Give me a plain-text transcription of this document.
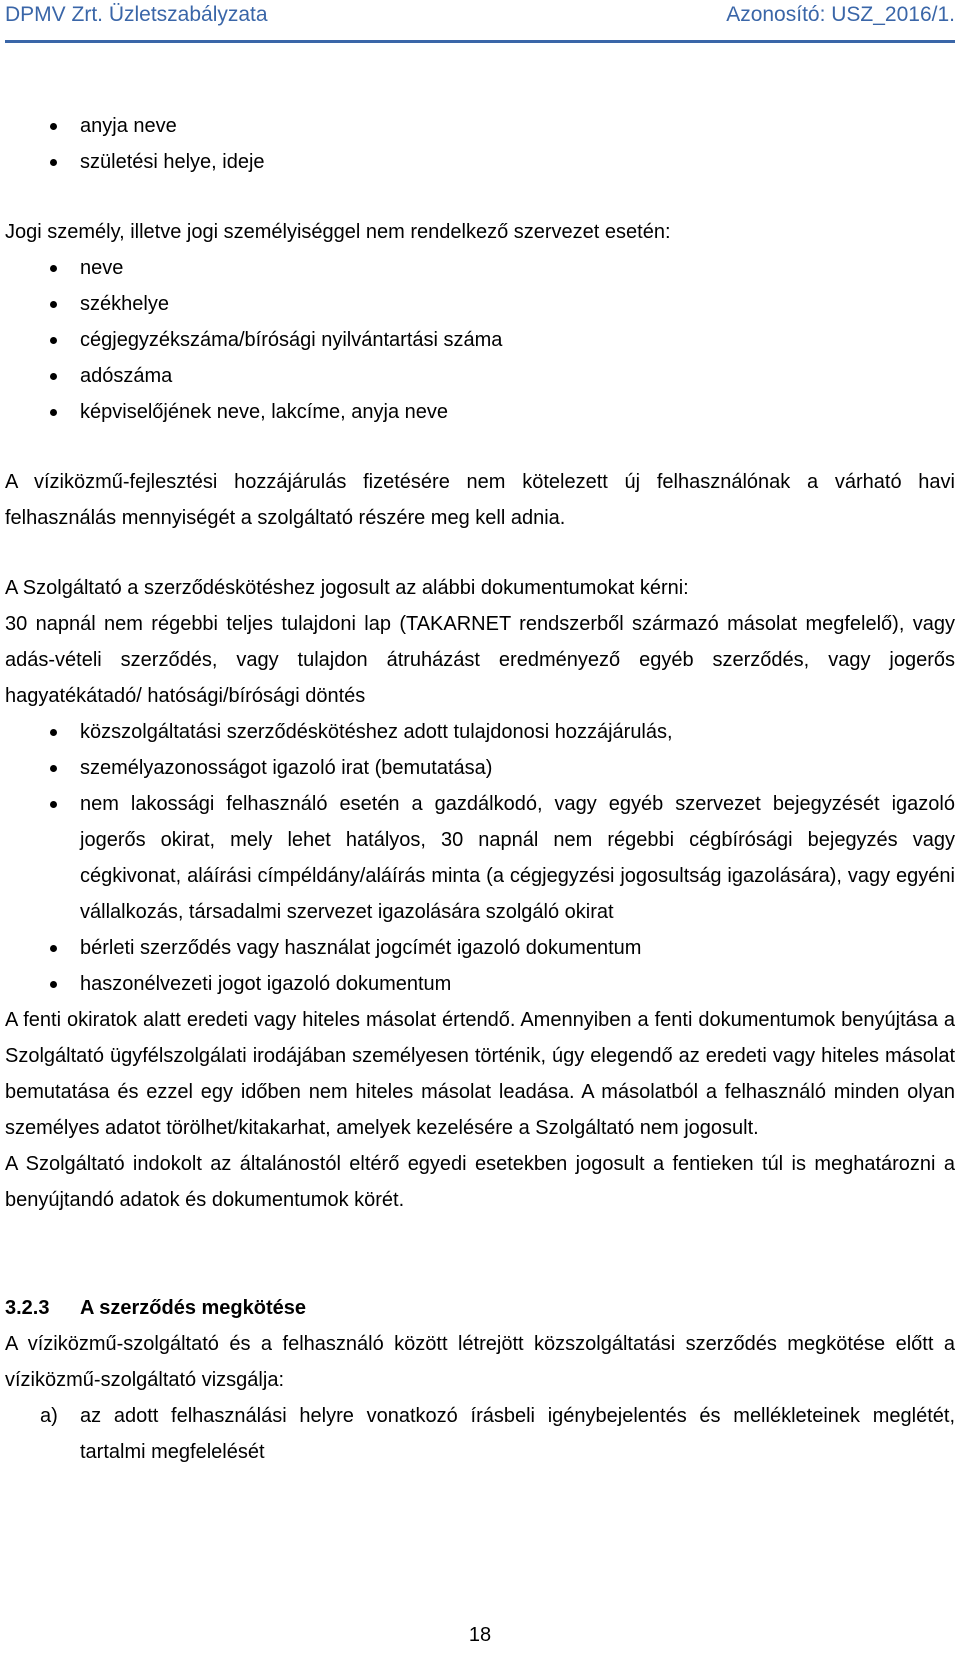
DPMV Zrt. Üzletszabályzata	Azonosító: USZ_2016/1.
anyja neve
születési helye, ideje

Jogi személy, illetve jogi személyiséggel nem rendelkező szervezet esetén:

neve
székhelye
cégjegyzékszáma/bírósági nyilvántartási száma
adószáma
képviselőjének neve, lakcíme, anyja neve

A víziközmű-fejlesztési hozzájárulás fizetésére nem kötelezett új felhasználónak a várható havi felhasználás mennyiségét a szolgáltató részére meg kell adnia.

A Szolgáltató a szerződéskötéshez jogosult az alábbi dokumentumokat kérni:

30 napnál nem régebbi teljes tulajdoni lap (TAKARNET rendszerből származó másolat megfelelő), vagy adás-vételi szerződés, vagy tulajdon átruházást eredményező egyéb szerződés, vagy jogerős hagyatékátadó/ hatósági/bírósági döntés

közszolgáltatási szerződéskötéshez adott tulajdonosi hozzájárulás,
személyazonosságot igazoló irat (bemutatása)
nem lakossági felhasználó esetén a gazdálkodó, vagy egyéb szervezet bejegyzését igazoló jogerős okirat, mely lehet hatályos, 30 napnál nem régebbi cégbírósági bejegyzés vagy cégkivonat, aláírási címpéldány/aláírás minta (a cégjegyzési jogosultság igazolására), vagy egyéni vállalkozás, társadalmi szervezet igazolására szolgáló okirat
bérleti szerződés vagy használat jogcímét igazoló dokumentum
haszonélvezeti jogot igazoló dokumentum

A fenti okiratok alatt eredeti vagy hiteles másolat értendő. Amennyiben a fenti dokumentumok benyújtása a Szolgáltató ügyfélszolgálati irodájában személyesen történik, úgy elegendő az eredeti vagy hiteles másolat bemutatása és ezzel egy időben nem hiteles másolat leadása. A másolatból a felhasználó minden olyan személyes adatot törölhet/kitakarhat, amelyek kezelésére a Szolgáltató nem jogosult.

A Szolgáltató indokolt az általánostól eltérő egyedi esetekben jogosult a fentieken túl is meghatározni a benyújtandó adatok és dokumentumok körét.

3.2.3 A szerződés megkötése

A víziközmű-szolgáltató és a felhasználó között létrejött közszolgáltatási szerződés megkötése előtt a víziközmű-szolgáltató vizsgálja:

a) az adott felhasználási helyre vonatkozó írásbeli igénybejelentés és mellékleteinek meglétét, tartalmi megfelelését
18
